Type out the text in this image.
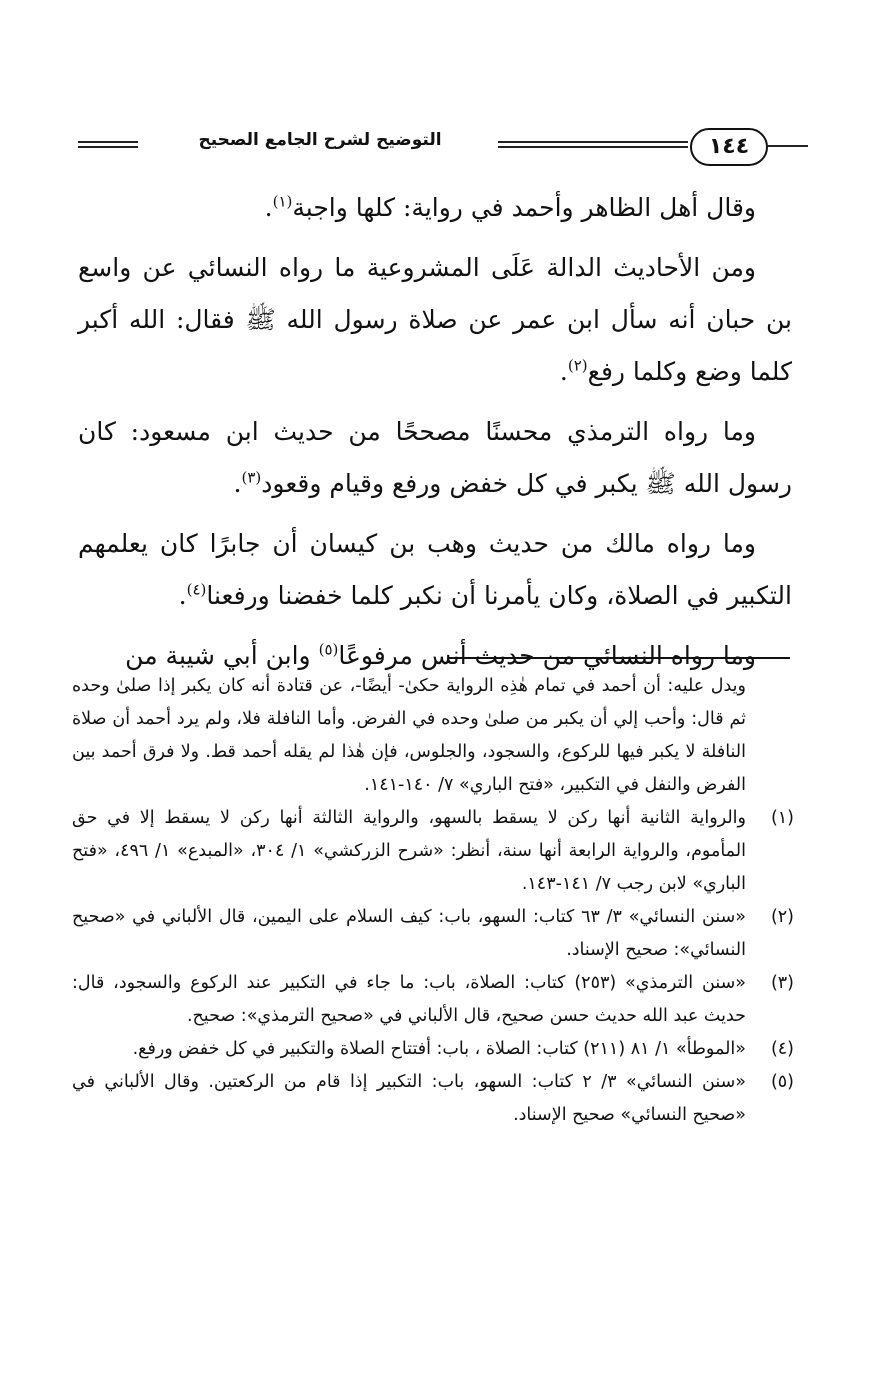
التوضيح لشرح الجامع الصحيح	١٤٤

وقال أهل الظاهر وأحمد في رواية: كلها واجبة$^{(١)}$.

ومن الأحاديث الدالة عَلَى المشروعية ما رواه النسائي عن واسع بن حبان أنه سأل ابن عمر عن صلاة رسول الله ﷺ فقال: الله أكبر كلما وضع وكلما رفع$^{(٢)}$.

وما رواه الترمذي محسنًا مصححًا من حديث ابن مسعود: كان رسول الله ﷺ يكبر في كل خفض ورفع وقيام وقعود$^{(٣)}$.

وما رواه مالك من حديث وهب بن كيسان أن جابرًا كان يعلمهم التكبير في الصلاة، وكان يأمرنا أن نكبر كلما خفضنا ورفعنا$^{(٤)}$.

وما رواه النسائي من حديث أنس مرفوعًا$^{(٥)}$ وابن أبي شيبة من

ويدل عليه: أن أحمد في تمام هٰذِه الرواية حكىٰ- أيضًا-، عن قتادة أنه كان يكبر إذا صلىٰ وحده ثم قال: وأحب إلي أن يكبر من صلىٰ وحده في الفرض. وأما النافلة فلا، ولم يرد أحمد أن صلاة النافلة لا يكبر فيها للركوع، والسجود، والجلوس، فإن هٰذا لم يقله أحمد قط. ولا فرق أحمد بين الفرض والنفل في التكبير، «فتح الباري» ٧/ ١٤٠-١٤١.

(١)
والرواية الثانية أنها ركن لا يسقط بالسهو، والرواية الثالثة أنها ركن لا يسقط إلا في حق المأموم، والرواية الرابعة أنها سنة، أنظر: «شرح الزركشي» ١/ ٣٠٤، «المبدع» ١/ ٤٩٦، «فتح الباري» لابن رجب ٧/ ١٤١-١٤٣.
(٢)
«سنن النسائي» ٣/ ٦٣ كتاب: السهو، باب: كيف السلام على اليمين، قال الألباني في «صحيح النسائي»: صحيح الإسناد.
(٣)
«سنن الترمذي» (٢٥٣) كتاب: الصلاة، باب: ما جاء في التكبير عند الركوع والسجود، قال: حديث عبد الله حديث حسن صحيح، قال الألباني في «صحيح الترمذي»: صحيح.
(٤)
«الموطأ» ١/ ٨١ (٢١١) كتاب: الصلاة ، باب: أفتتاح الصلاة والتكبير في كل خفض ورفع.
(٥)
«سنن النسائي» ٣/ ٢ كتاب: السهو، باب: التكبير إذا قام من الركعتين. وقال الألباني في «صحيح النسائي» صحيح الإسناد.
